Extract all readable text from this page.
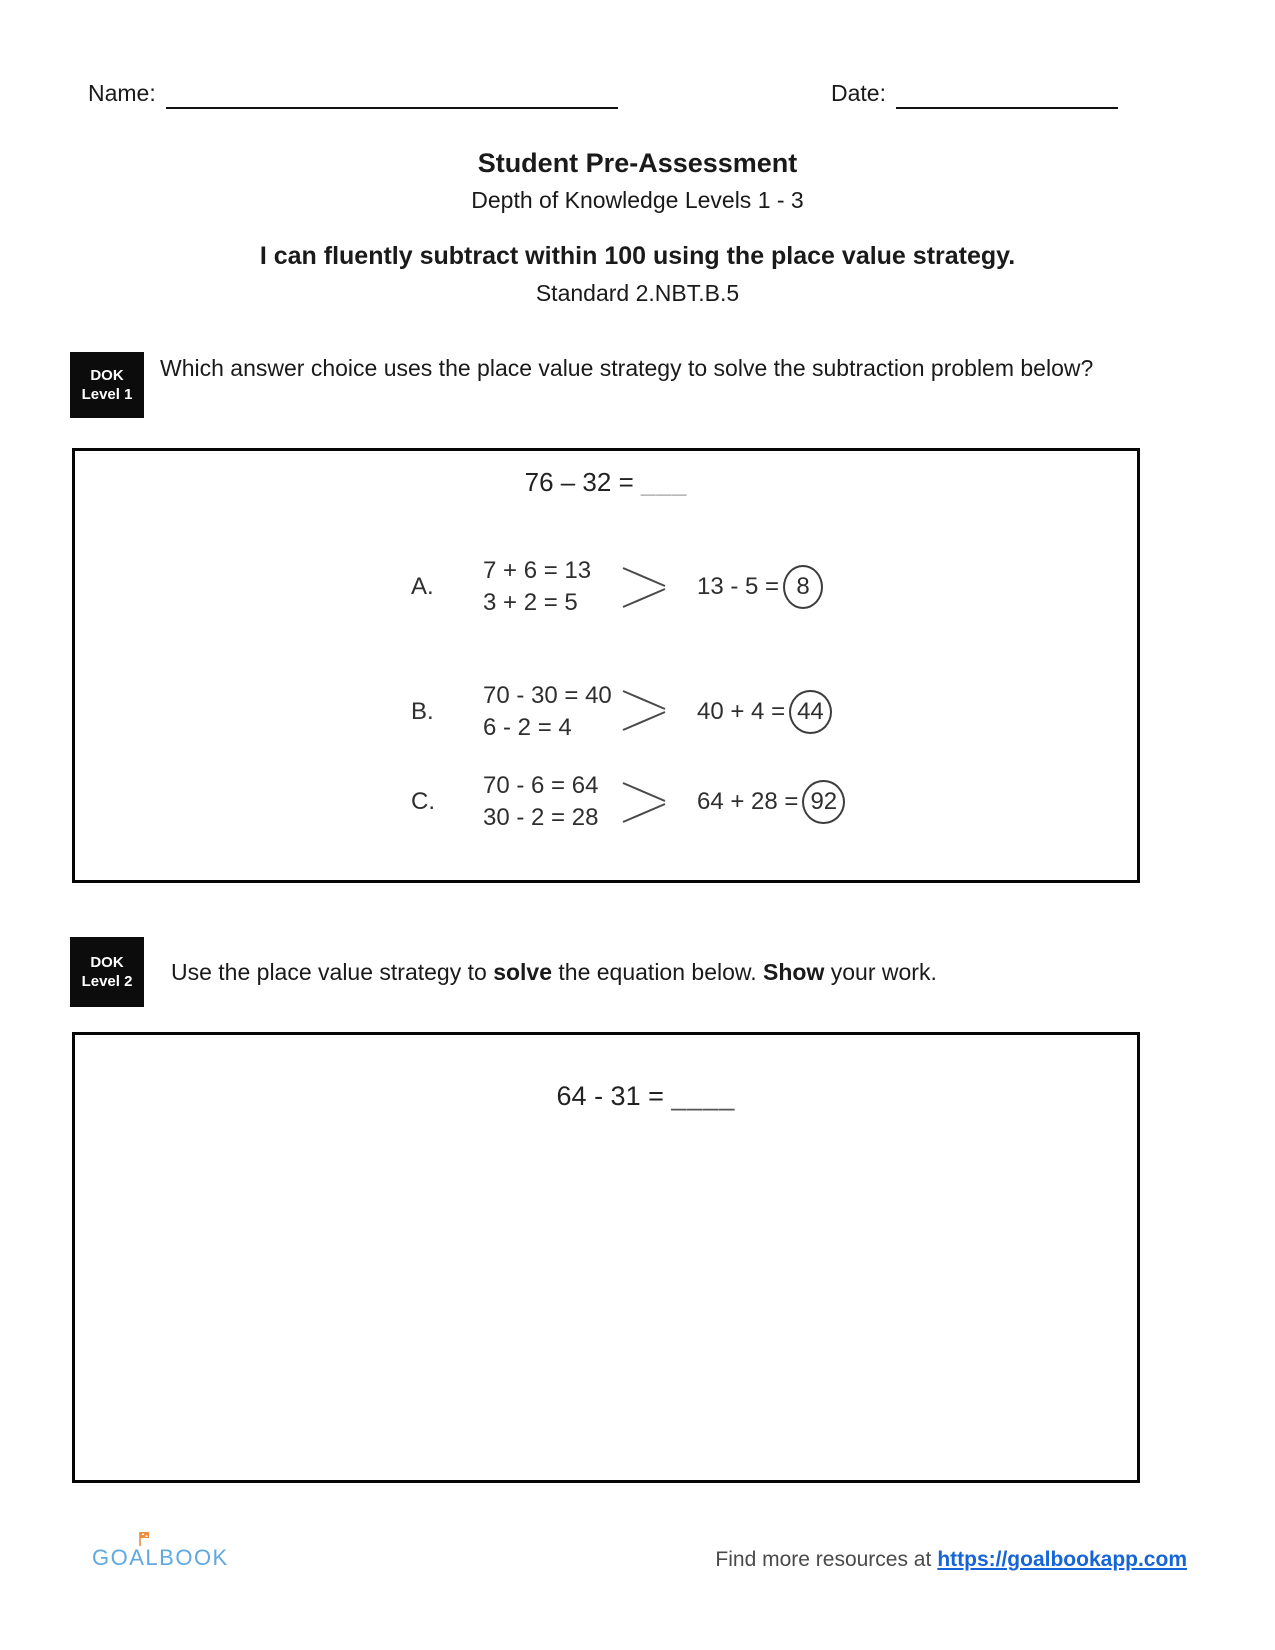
Name:	Date:
Student Pre-Assessment
Depth of Knowledge Levels 1 - 3
I can fluently subtract within 100 using the place value strategy.
Standard 2.NBT.B.5
DOK
Level 1
Which answer choice uses the place value strategy to solve the subtraction problem below?
76 – 32 = ___
A.
7 + 6 = 13
3 + 2 = 5
13 - 5 = 8
B.
70 - 30 = 40
6 - 2 = 4
40 + 4 = 44
C.
70 - 6 = 64
30 - 2 = 28
64 + 28 = 92
DOK
Level 2 Use the place value strategy to solve the equation below. Show your work.
64 - 31 = ____
GOALBOOK	Find more resources at https://goalbookapp.com
